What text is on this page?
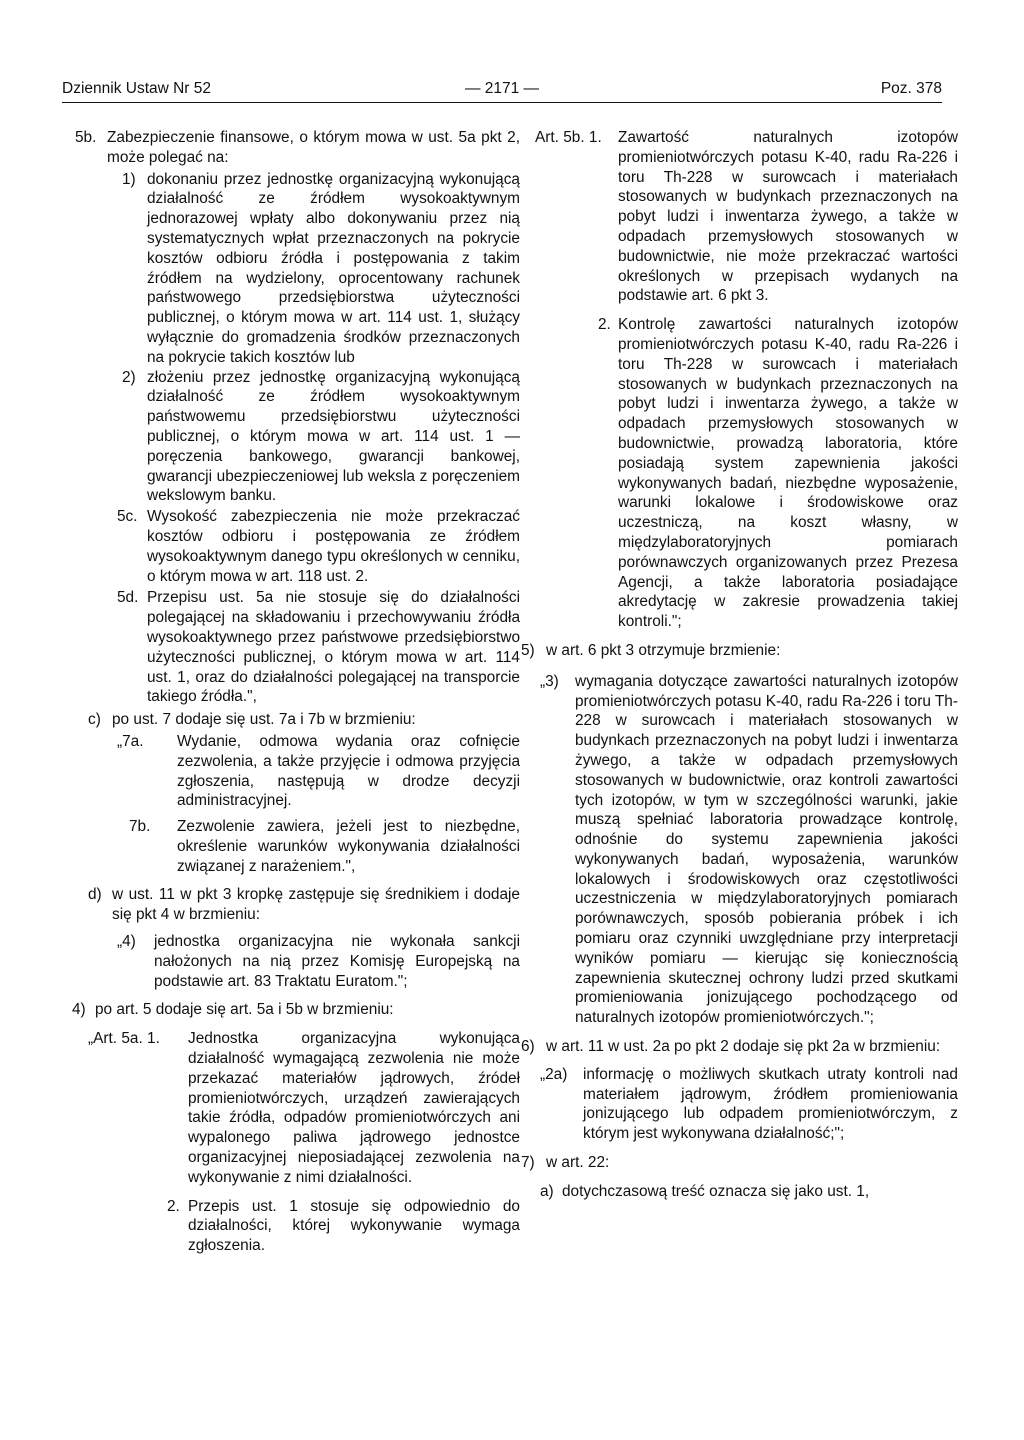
Dziennik Ustaw Nr 52	— 2171 —	Poz. 378
5b. Zabezpieczenie finansowe, o którym mowa w ust. 5a pkt 2, może polegać na:
1) dokonaniu przez jednostkę organizacyjną wykonującą działalność ze źródłem wysokoaktywnym jednorazowej wpłaty albo dokonywaniu przez nią systematycznych wpłat przeznaczonych na pokrycie kosztów odbioru źródła i postępowania z takim źródłem na wydzielony, oprocentowany rachunek państwowego przedsiębiorstwa użyteczności publicznej, o którym mowa w art. 114 ust. 1, służący wyłącznie do gromadzenia środków przeznaczonych na pokrycie takich kosztów lub
2) złożeniu przez jednostkę organizacyjną wykonującą działalność ze źródłem wysokoaktywnym państwowemu przedsiębiorstwu użyteczności publicznej, o którym mowa w art. 114 ust. 1 — poręczenia bankowego, gwarancji bankowej, gwarancji ubezpieczeniowej lub weksla z poręczeniem wekslowym banku.
5c. Wysokość zabezpieczenia nie może przekraczać kosztów odbioru i postępowania ze źródłem wysokoaktywnym danego typu określonych w cenniku, o którym mowa w art. 118 ust. 2.
5d. Przepisu ust. 5a nie stosuje się do działalności polegającej na składowaniu i przechowywaniu źródła wysokoaktywnego przez państwowe przedsiębiorstwo użyteczności publicznej, o którym mowa w art. 114 ust. 1, oraz do działalności polegającej na transporcie takiego źródła.",
c) po ust. 7 dodaje się ust. 7a i 7b w brzmieniu:
„7a. Wydanie, odmowa wydania oraz cofnięcie zezwolenia, a także przyjęcie i odmowa przyjęcia zgłoszenia, następują w drodze decyzji administracyjnej.
7b. Zezwolenie zawiera, jeżeli jest to niezbędne, określenie warunków wykonywania działalności związanej z narażeniem.",
d) w ust. 11 w pkt 3 kropkę zastępuje się średnikiem i dodaje się pkt 4 w brzmieniu:
„4) jednostka organizacyjna nie wykonała sankcji nałożonych na nią przez Komisję Europejską na podstawie art. 83 Traktatu Euratom.";
4) po art. 5 dodaje się art. 5a i 5b w brzmieniu:
„Art. 5a. 1. Jednostka organizacyjna wykonująca działalność wymagającą zezwolenia nie może przekazać materiałów jądrowych, źródeł promieniotwórczych, urządzeń zawierających takie źródła, odpadów promieniotwórczych ani wypalonego paliwa jądrowego jednostce organizacyjnej nieposiadającej zezwolenia na wykonywanie z nimi działalności.
2. Przepis ust. 1 stosuje się odpowiednio do działalności, której wykonywanie wymaga zgłoszenia.
Art. 5b. 1. Zawartość naturalnych izotopów promieniotwórczych potasu K-40, radu Ra-226 i toru Th-228 w surowcach i materiałach stosowanych w budynkach przeznaczonych na pobyt ludzi i inwentarza żywego, a także w odpadach przemysłowych stosowanych w budownictwie, nie może przekraczać wartości określonych w przepisach wydanych na podstawie art. 6 pkt 3.
2. Kontrolę zawartości naturalnych izotopów promieniotwórczych potasu K-40, radu Ra-226 i toru Th-228 w surowcach i materiałach stosowanych w budynkach przeznaczonych na pobyt ludzi i inwentarza żywego, a także w odpadach przemysłowych stosowanych w budownictwie, prowadzą laboratoria, które posiadają system zapewnienia jakości wykonywanych badań, niezbędne wyposażenie, warunki lokalowe i środowiskowe oraz uczestniczą, na koszt własny, w międzylaboratoryjnych pomiarach porównawczych organizowanych przez Prezesa Agencji, a także laboratoria posiadające akredytację w zakresie prowadzenia takiej kontroli.";
5) w art. 6 pkt 3 otrzymuje brzmienie:
„3) wymagania dotyczące zawartości naturalnych izotopów promieniotwórczych potasu K-40, radu Ra-226 i toru Th-228 w surowcach i materiałach stosowanych w budynkach przeznaczonych na pobyt ludzi i inwentarza żywego, a także w odpadach przemysłowych stosowanych w budownictwie, oraz kontroli zawartości tych izotopów, w tym w szczególności warunki, jakie muszą spełniać laboratoria prowadzące kontrolę, odnośnie do systemu zapewnienia jakości wykonywanych badań, wyposażenia, warunków lokalowych i środowiskowych oraz częstotliwości uczestniczenia w międzylaboratoryjnych pomiarach porównawczych, sposób pobierania próbek i ich pomiaru oraz czynniki uwzględniane przy interpretacji wyników pomiaru — kierując się koniecznością zapewnienia skutecznej ochrony ludzi przed skutkami promieniowania jonizującego pochodzącego od naturalnych izotopów promieniotwórczych.";
6) w art. 11 w ust. 2a po pkt 2 dodaje się pkt 2a w brzmieniu:
„2a) informację o możliwych skutkach utraty kontroli nad materiałem jądrowym, źródłem promieniowania jonizującego lub odpadem promieniotwórczym, z którym jest wykonywana działalność;";
7) w art. 22:
a) dotychczasową treść oznacza się jako ust. 1,
